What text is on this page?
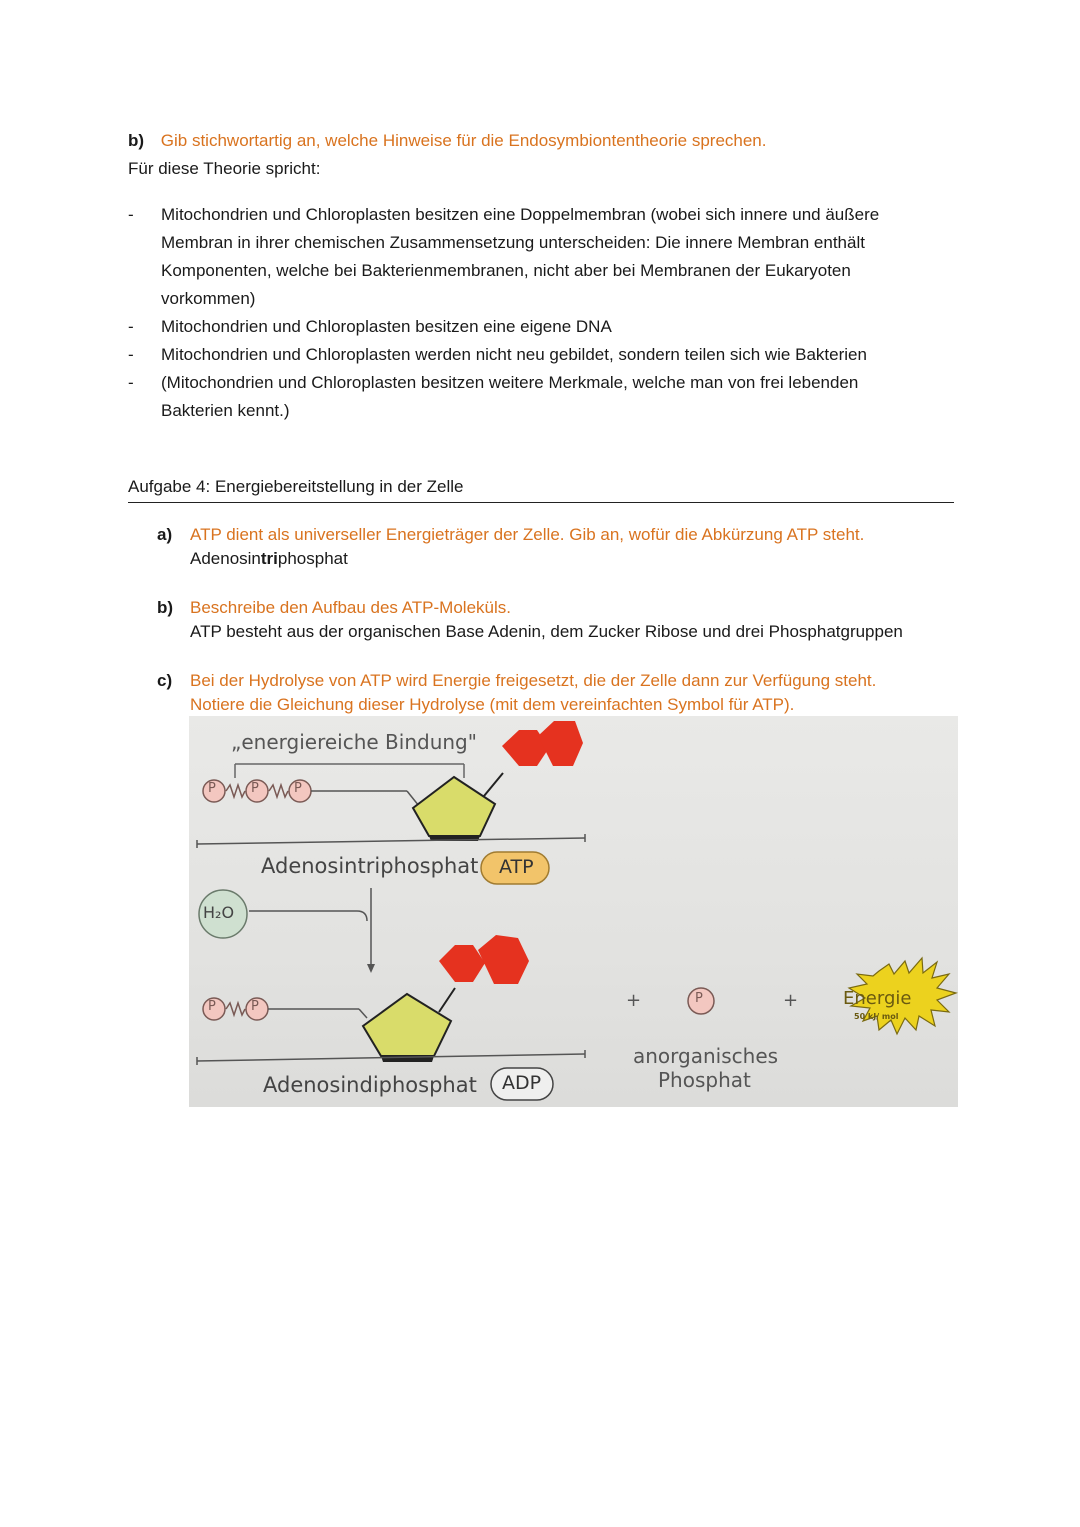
b) Gib stichwortartig an, welche Hinweise für die Endosymbiontentheorie sprechen.
Für diese Theorie spricht:
- Mitochondrien und Chloroplasten besitzen eine Doppelmembran (wobei sich innere und äußere
Membran in ihrer chemischen Zusammensetzung unterscheiden: Die innere Membran enthält
Komponenten, welche bei Bakterienmembranen, nicht aber bei Membranen der Eukaryoten
vorkommen)
- Mitochondrien und Chloroplasten besitzen eine eigene DNA
- Mitochondrien und Chloroplasten werden nicht neu gebildet, sondern teilen sich wie Bakterien
- (Mitochondrien und Chloroplasten besitzen weitere Merkmale, welche man von frei lebenden
Bakterien kennt.)
Aufgabe 4: Energiebereitstellung in der Zelle
a) ATP dient als universeller Energieträger der Zelle. Gib an, wofür die Abkürzung ATP steht.
Adenosintriphosphat
b) Beschreibe den Aufbau des ATP-Moleküls.
ATP besteht aus der organischen Base Adenin, dem Zucker Ribose und drei Phosphatgruppen
c) Bei der Hydrolyse von ATP wird Energie freigesetzt, die der Zelle dann zur Verfügung steht.
Notiere die Gleichung dieser Hydrolyse (mit dem vereinfachten Symbol für ATP).
„energiereiche Bindung"
P	P	P
Adenosintriphosphat ATP
H₂O
P	P
Adenosindiphosphat ADP
+	P	+
anorganisches
Phosphat
Energie
50 kJ/ mol
